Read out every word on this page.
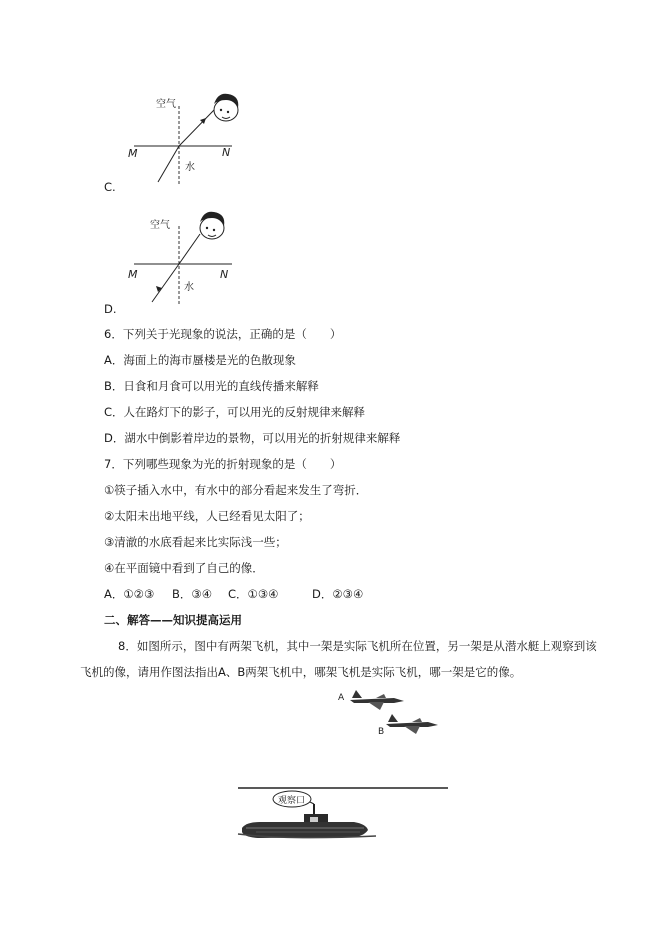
空气
M	N
水
C.
空气
M	N
水
D.
6．下列关于光现象的说法，正确的是（　　）
A．海面上的海市蜃楼是光的色散现象
B．日食和月食可以用光的直线传播来解释
C．人在路灯下的影子，可以用光的反射规律来解释
D．湖水中倒影着岸边的景物，可以用光的折射规律来解释
7．下列哪些现象为光的折射现象的是（　　）
①筷子插入水中，有水中的部分看起来发生了弯折．
②太阳未出地平线，人已经看见太阳了；
③清澈的水底看起来比实际浅一些；
④在平面镜中看到了自己的像．
A．①②③ B．③④ C．①③④	D．②③④
二、解答——知识提高运用
8．如图所示，图中有两架飞机，其中一架是实际飞机所在位置，另一架是从潜水艇上观察到该
飞机的像，请用作图法指出A、B两架飞机中，哪架飞机是实际飞机，哪一架是它的像。
A
B
观察口
